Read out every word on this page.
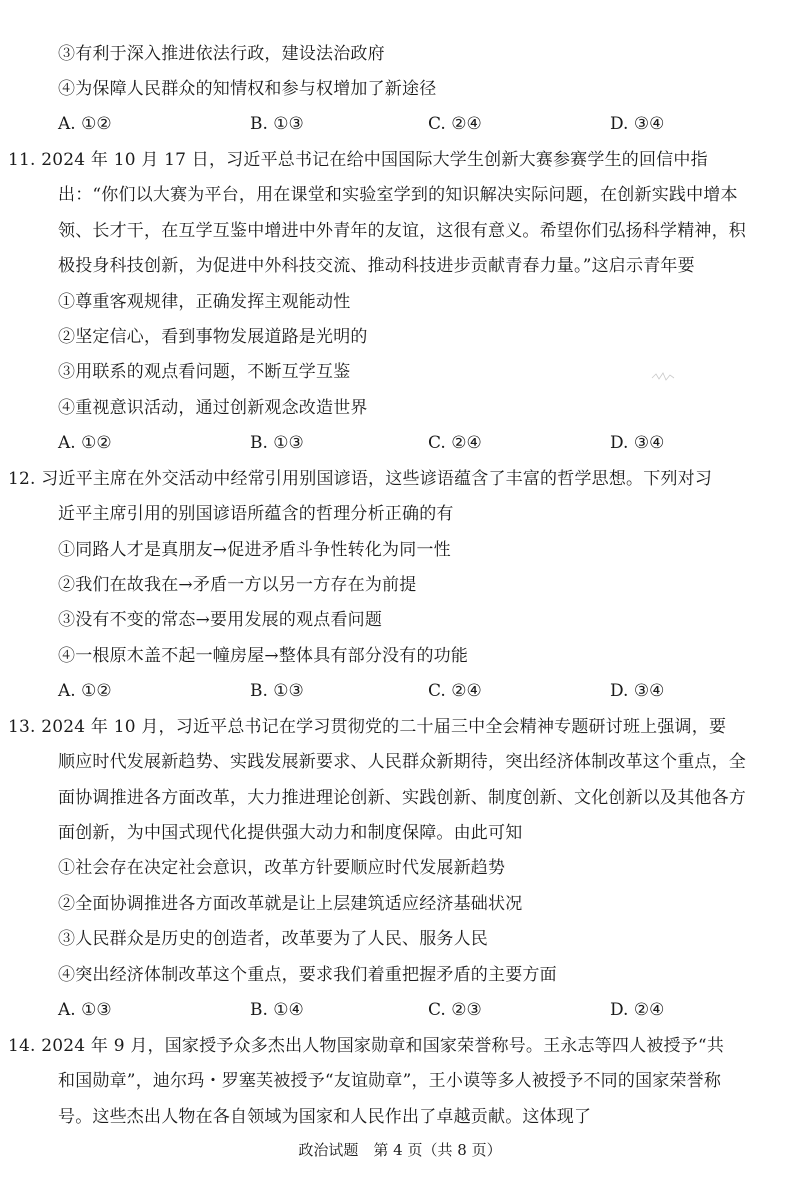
③有利于深入推进依法行政，建设法治政府
④为保障人民群众的知情权和参与权增加了新途径
A. ①②	B. ①③	C. ②④	D. ③④
11. 2024 年 10 月 17 日，习近平总书记在给中国国际大学生创新大赛参赛学生的回信中指
出：“你们以大赛为平台，用在课堂和实验室学到的知识解决实际问题，在创新实践中增本
领、长才干，在互学互鉴中增进中外青年的友谊，这很有意义。希望你们弘扬科学精神，积
极投身科技创新，为促进中外科技交流、推动科技进步贡献青春力量。”这启示青年要
①尊重客观规律，正确发挥主观能动性
②坚定信心，看到事物发展道路是光明的
③用联系的观点看问题，不断互学互鉴
④重视意识活动，通过创新观念改造世界
A. ①②	B. ①③	C. ②④	D. ③④
12. 习近平主席在外交活动中经常引用别国谚语，这些谚语蕴含了丰富的哲学思想。下列对习
近平主席引用的别国谚语所蕴含的哲理分析正确的有
①同路人才是真朋友→促进矛盾斗争性转化为同一性
②我们在故我在→矛盾一方以另一方存在为前提
③没有不变的常态→要用发展的观点看问题
④一根原木盖不起一幢房屋→整体具有部分没有的功能
A. ①②	B. ①③	C. ②④	D. ③④
13. 2024 年 10 月，习近平总书记在学习贯彻党的二十届三中全会精神专题研讨班上强调，要
顺应时代发展新趋势、实践发展新要求、人民群众新期待，突出经济体制改革这个重点，全
面协调推进各方面改革，大力推进理论创新、实践创新、制度创新、文化创新以及其他各方
面创新，为中国式现代化提供强大动力和制度保障。由此可知
①社会存在决定社会意识，改革方针要顺应时代发展新趋势
②全面协调推进各方面改革就是让上层建筑适应经济基础状况
③人民群众是历史的创造者，改革要为了人民、服务人民
④突出经济体制改革这个重点，要求我们着重把握矛盾的主要方面
A. ①③	B. ①④	C. ②③	D. ②④
14. 2024 年 9 月，国家授予众多杰出人物国家勋章和国家荣誉称号。王永志等四人被授予“共
和国勋章”，迪尔玛・罗塞芙被授予“友谊勋章”，王小谟等多人被授予不同的国家荣誉称
号。这些杰出人物在各自领域为国家和人民作出了卓越贡献。这体现了
政治试题　第 4 页（共 8 页）
